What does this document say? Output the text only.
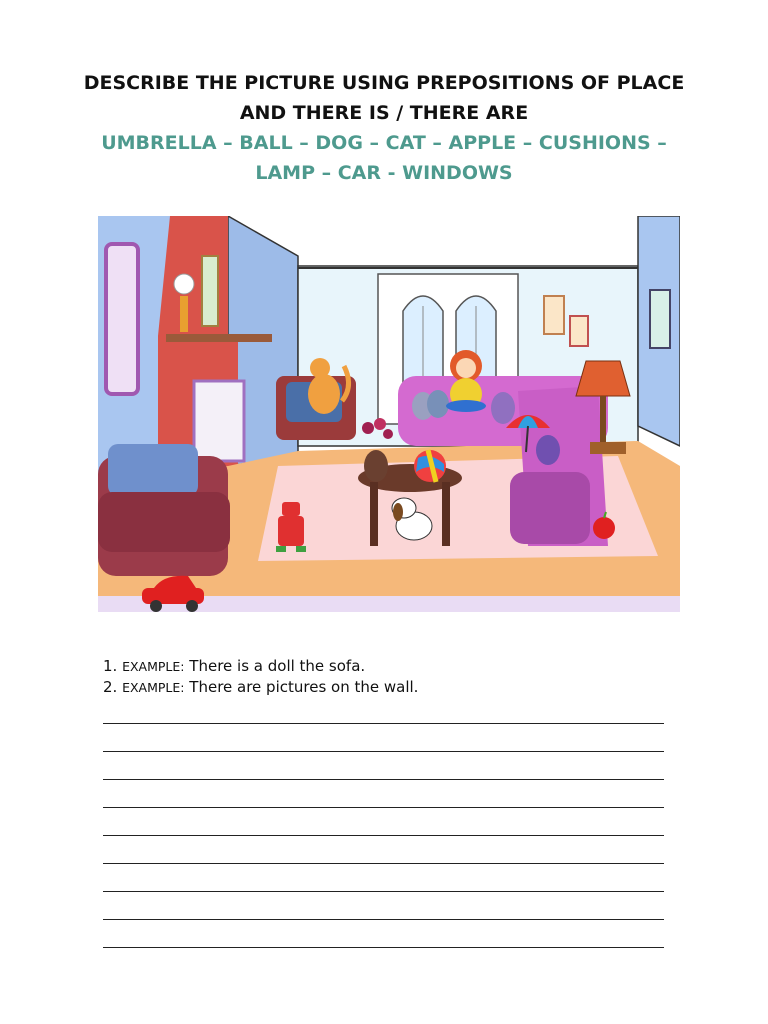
DESCRIBE THE PICTURE USING PREPOSITIONS OF PLACE
AND THERE IS / THERE ARE
UMBRELLA – BALL – DOG – CAT – APPLE – CUSHIONS –
LAMP – CAR - WINDOWS
1. EXAMPLE: There is a doll the sofa.
2. EXAMPLE: There are pictures on the wall.
